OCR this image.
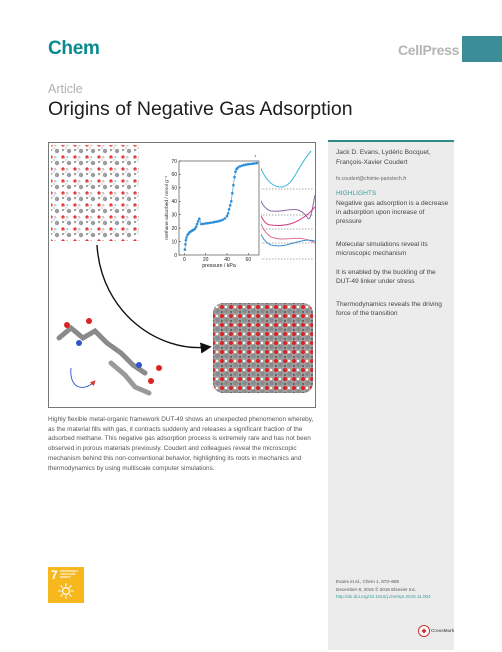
Chem	CellPress
Article
Origins of Negative Gas Adsorption
0
10
20
30
40
50
60
70
0	20	40	60
pressure / kPa
methane adsorbed / mmol g⁻¹
Jack D. Evans, Lydéric Bocquet, François-Xavier Coudert
fx.coudert@chimie-paristech.fr
HIGHLIGHTS
Negative gas adsorption is a decrease in adsorption upon increase of pressure
Molecular simulations reveal its microscopic mechanism
It is enabled by the buckling of the DUT-49 linker under stress
Thermodynamics reveals the driving force of the transition
Evans et al., Chem 1, 873–886
December 8, 2016 © 2016 Elsevier Inc.
http://dx.doi.org/10.1016/j.chempr.2016.11.004

Highly flexible metal-organic framework DUT-49 shows an unexpected phenomenon whereby, as the material fills with gas, it contracts suddenly and releases a significant fraction of the adsorbed methane. This negative gas adsorption process is extremely rare and has not been observed in porous materials previously. Coudert and colleagues reveal the microscopic mechanism behind this non-conventional behavior, highlighting its roots in mechanics and thermodynamics by using multiscale computer simulations.

7 AFFORDABLE AND CLEAN ENERGY
CrossMark
